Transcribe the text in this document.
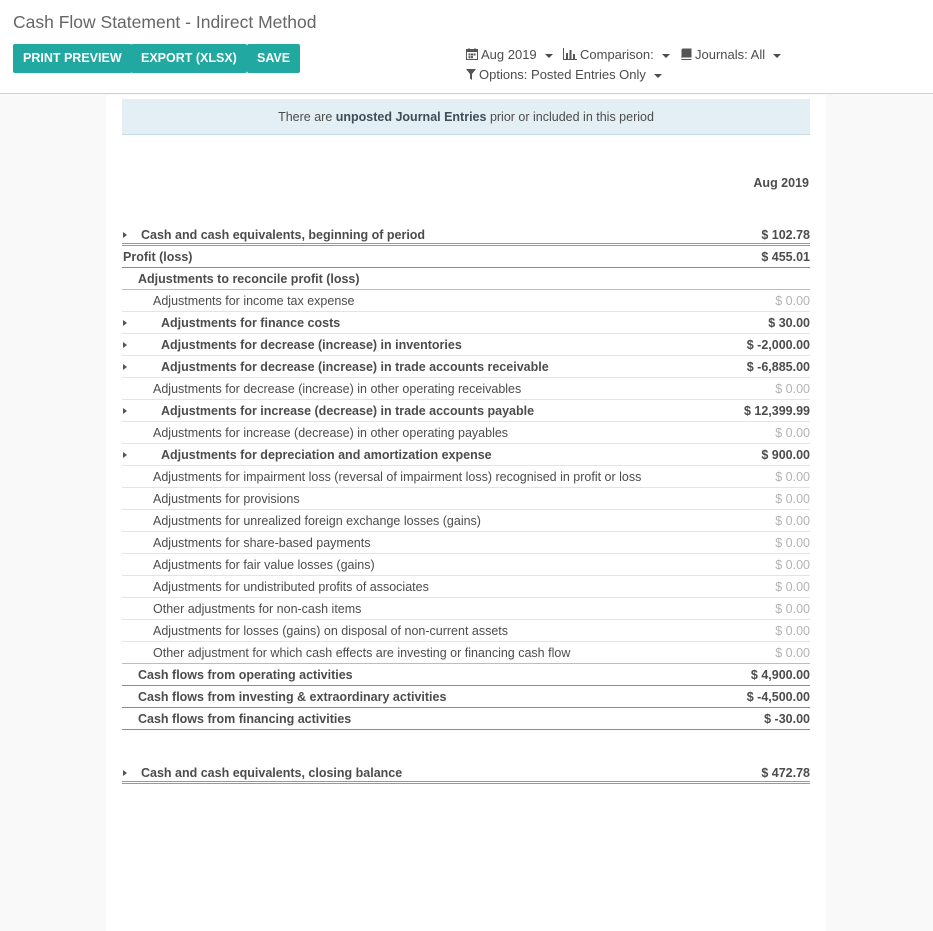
Cash Flow Statement - Indirect Method
PRINT PREVIEW	EXPORT (XLSX)	SAVE	Aug 2019	Comparison:	Journals: All
Options: Posted Entries Only
There are unposted Journal Entries prior or included in this period
Aug 2019
Cash and cash equivalents, beginning of period	$ 102.78
Profit (loss)	$ 455.01
Adjustments to reconcile profit (loss)
Adjustments for income tax expense	$ 0.00
Adjustments for finance costs	$ 30.00
Adjustments for decrease (increase) in inventories	$ -2,000.00
Adjustments for decrease (increase) in trade accounts receivable	$ -6,885.00
Adjustments for decrease (increase) in other operating receivables	$ 0.00
Adjustments for increase (decrease) in trade accounts payable	$ 12,399.99
Adjustments for increase (decrease) in other operating payables	$ 0.00
Adjustments for depreciation and amortization expense	$ 900.00
Adjustments for impairment loss (reversal of impairment loss) recognised in profit or loss	$ 0.00
Adjustments for provisions	$ 0.00
Adjustments for unrealized foreign exchange losses (gains)	$ 0.00
Adjustments for share-based payments	$ 0.00
Adjustments for fair value losses (gains)	$ 0.00
Adjustments for undistributed profits of associates	$ 0.00
Other adjustments for non-cash items	$ 0.00
Adjustments for losses (gains) on disposal of non-current assets	$ 0.00
Other adjustment for which cash effects are investing or financing cash flow	$ 0.00
Cash flows from operating activities	$ 4,900.00
Cash flows from investing & extraordinary activities	$ -4,500.00
Cash flows from financing activities	$ -30.00
Cash and cash equivalents, closing balance	$ 472.78
